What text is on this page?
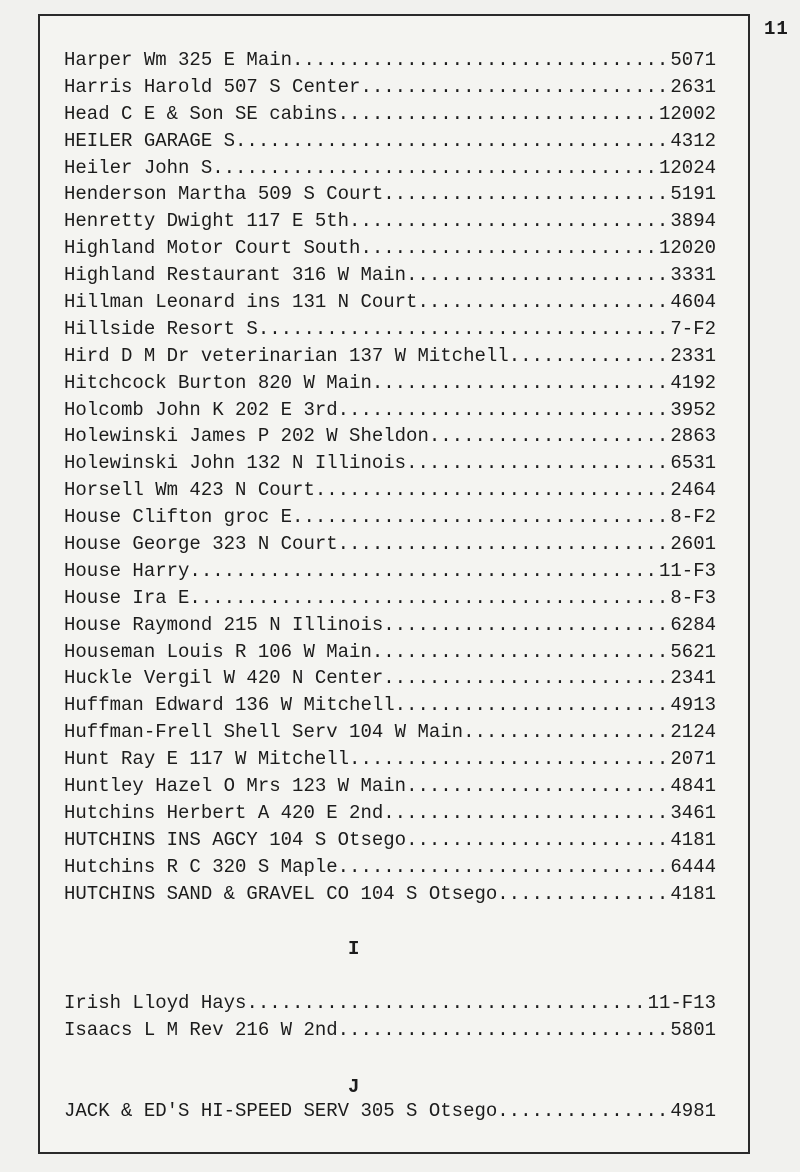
11
Harper Wm 325 E Main .....	5071
Harris Harold 507 S Center .....	2631
Head C E & Son SE cabins .....	12002
HEILER GARAGE S .....	4312
Heiler John S .....	12024
Henderson Martha 509 S Court .....	5191
Henretty Dwight 117 E 5th .....	3894
Highland Motor Court South .....	12020
Highland Restaurant 316 W Main .....	3331
Hillman Leonard ins 131 N Court .....	4604
Hillside Resort S .....	7-F2
Hird D M Dr veterinarian 137 W Mitchell .....	2331
Hitchcock Burton 820 W Main .....	4192
Holcomb John K 202 E 3rd .....	3952
Holewinski James P 202 W Sheldon .....	2863
Holewinski John 132 N Illinois .....	6531
Horsell Wm 423 N Court .....	2464
House Clifton groc E .....	8-F2
House George 323 N Court .....	2601
House Harry .....	11-F3
House Ira E .....	8-F3
House Raymond 215 N Illinois .....	6284
Houseman Louis R 106 W Main .....	5621
Huckle Vergil W 420 N Center .....	2341
Huffman Edward 136 W Mitchell .....	4913
Huffman-Frell Shell Serv 104 W Main .....	2124
Hunt Ray E 117 W Mitchell .....	2071
Huntley Hazel O Mrs 123 W Main .....	4841
Hutchins Herbert A 420 E 2nd .....	3461
HUTCHINS INS AGCY 104 S Otsego .....	4181
Hutchins R C 320 S Maple .....	6444
HUTCHINS SAND & GRAVEL CO 104 S Otsego .....	4181
I
Irish Lloyd Hays .....	11-F13
Isaacs L M Rev 216 W 2nd .....	5801
J
JACK & ED'S HI-SPEED SERV 305 S Otsego .....	4981
